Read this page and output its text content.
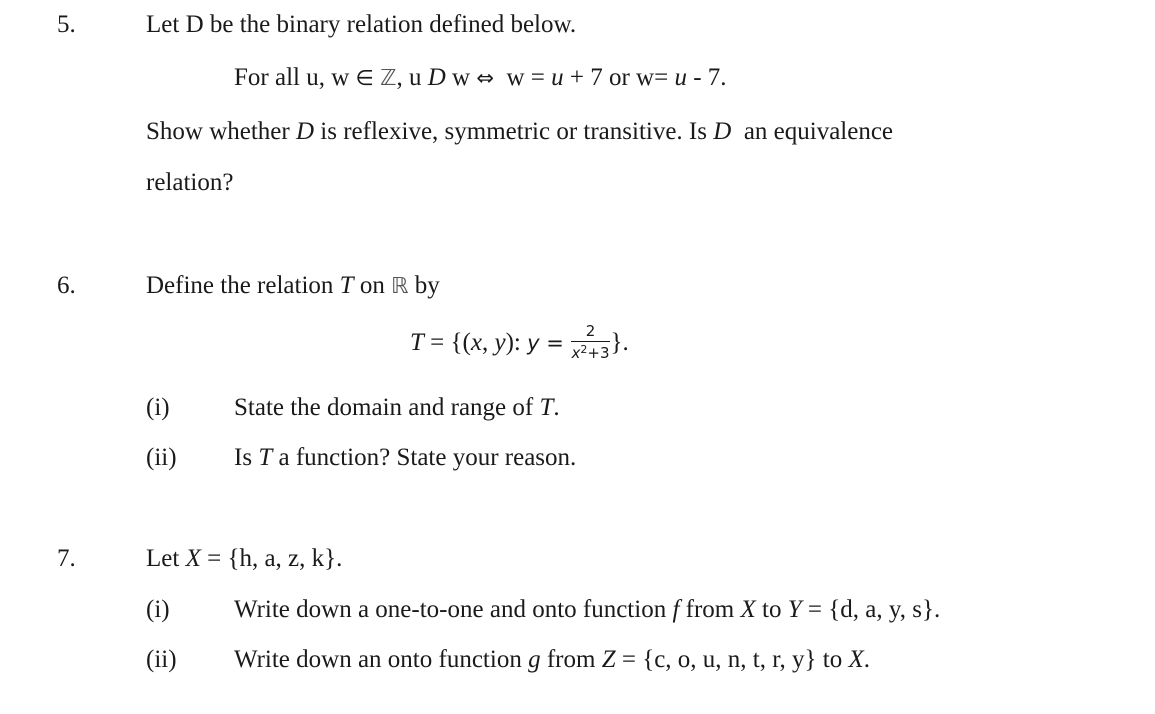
5.	Let D be the binary relation defined below.
For all u, w ∈ ℤ, u D w ⇔  w = u + 7 or w= u - 7.
Show whether D is reflexive, symmetric or transitive. Is D  an equivalence
relation?
6.	Define the relation T on ℝ by
T = {(x, y): $y = \frac{2}{x^2+3}$ }.
(i)	State the domain and range of T.
(ii) Is T a function? State your reason.
7.	Let X = {h, a, z, k}.
(i)	Write down a one-to-one and onto function f from X to Y = {d, a, y, s}.
(ii) Write down an onto function g from Z = {c, o, u, n, t, r, y} to X.
